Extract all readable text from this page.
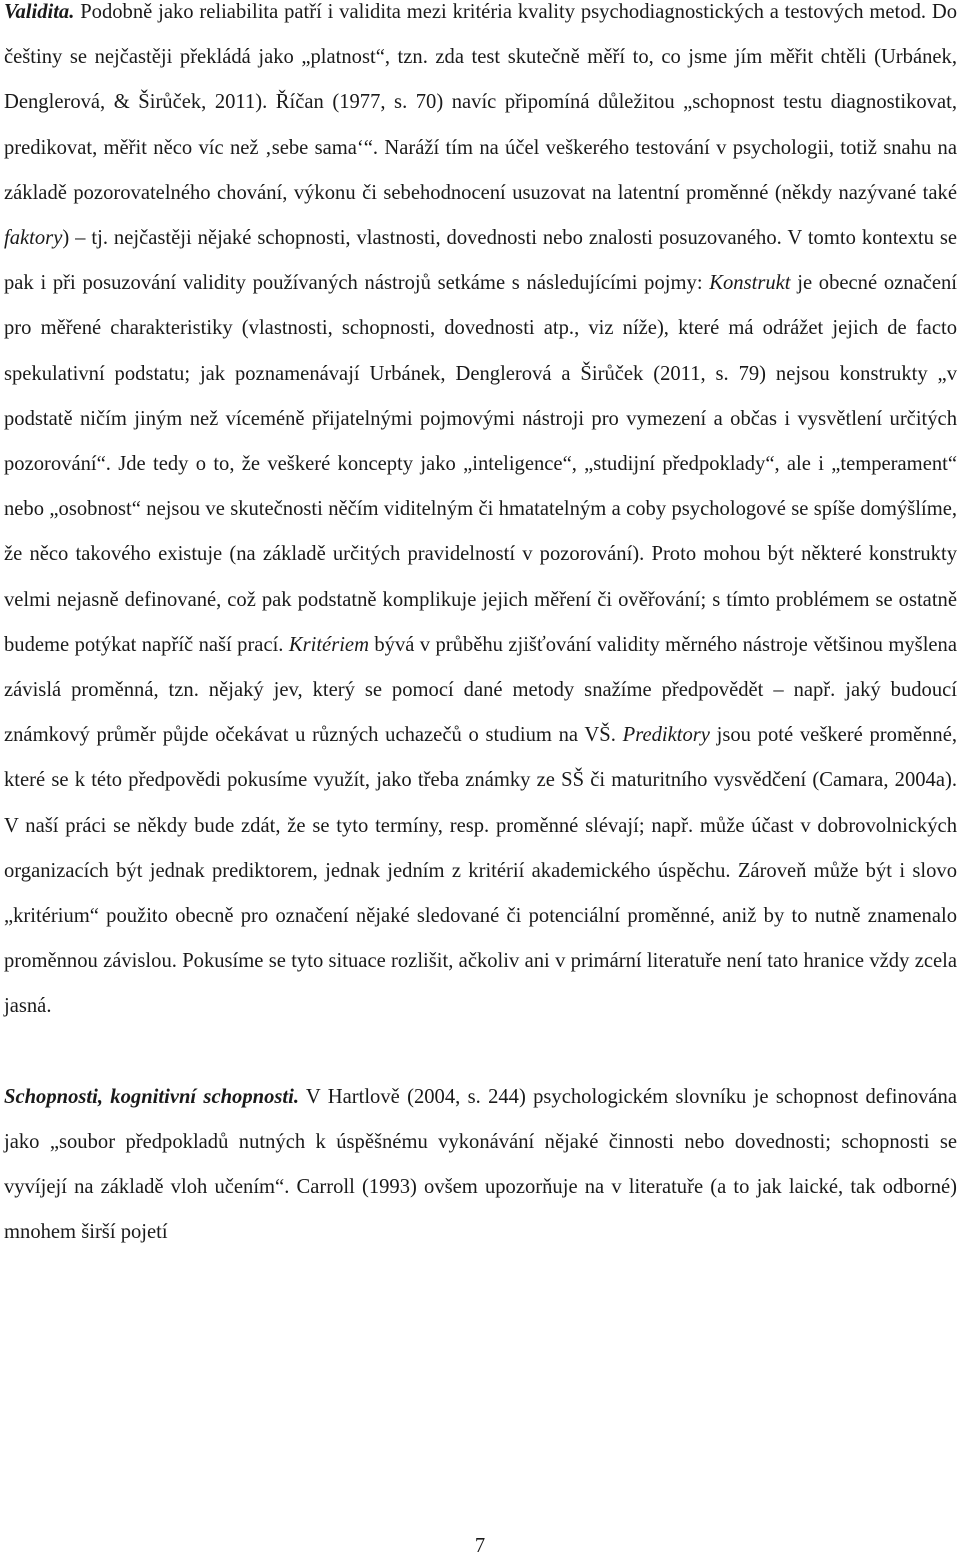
Validita. Podobně jako reliabilita patří i validita mezi kritéria kvality psychodiagnostických a testových metod. Do češtiny se nejčastěji překládá jako „platnost“, tzn. zda test skutečně měří to, co jsme jím měřit chtěli (Urbánek, Denglerová, & Širůček, 2011). Říčan (1977, s. 70) navíc připomíná důležitou „schopnost testu diagnostikovat, predikovat, měřit něco víc než ‚sebe sama‘“. Naráží tím na účel veškerého testování v psychologii, totiž snahu na základě pozorovatelného chování, výkonu či sebehodnocení usuzovat na latentní proměnné (někdy nazývané také faktory) – tj. nejčastěji nějaké schopnosti, vlastnosti, dovednosti nebo znalosti posuzovaného. V tomto kontextu se pak i při posuzování validity používaných nástrojů setkáme s následujícími pojmy: Konstrukt je obecné označení pro měřené charakteristiky (vlastnosti, schopnosti, dovednosti atp., viz níže), které má odrážet jejich de facto spekulativní podstatu; jak poznamenávají Urbánek, Denglerová a Širůček (2011, s. 79) nejsou konstrukty „v podstatě ničím jiným než víceméně přijatelnými pojmovými nástroji pro vymezení a občas i vysvětlení určitých pozorování“. Jde tedy o to, že veškeré koncepty jako „inteligence“, „studijní předpoklady“, ale i „temperament“ nebo „osobnost“ nejsou ve skutečnosti něčím viditelným či hmatatelným a coby psychologové se spíše domýšlíme, že něco takového existuje (na základě určitých pravidelností v pozorování). Proto mohou být některé konstrukty velmi nejasně definované, což pak podstatně komplikuje jejich měření či ověřování; s tímto problémem se ostatně budeme potýkat napříč naší prací. Kritériem bývá v průběhu zjišťování validity měrného nástroje většinou myšlena závislá proměnná, tzn. nějaký jev, který se pomocí dané metody snažíme předpovědět – např. jaký budoucí známkový průměr půjde očekávat u různých uchazečů o studium na VŠ. Prediktory jsou poté veškeré proměnné, které se k této předpovědi pokusíme využít, jako třeba známky ze SŠ či maturitního vysvědčení (Camara, 2004a). V naší práci se někdy bude zdát, že se tyto termíny, resp. proměnné slévají; např. může účast v dobrovolnických organizacích být jednak prediktorem, jednak jedním z kritérií akademického úspěchu. Zároveň může být i slovo „kritérium“ použito obecně pro označení nějaké sledované či potenciální proměnné, aniž by to nutně znamenalo proměnnou závislou. Pokusíme se tyto situace rozlišit, ačkoliv ani v primární literatuře není tato hranice vždy zcela jasná.

Schopnosti, kognitivní schopnosti. V Hartlově (2004, s. 244) psychologickém slovníku je schopnost definována jako „soubor předpokladů nutných k úspěšnému vykonávání nějaké činnosti nebo dovednosti; schopnosti se vyvíjejí na základě vloh učením“. Carroll (1993) ovšem upozorňuje na v literatuře (a to jak laické, tak odborné) mnohem širší pojetí

7
